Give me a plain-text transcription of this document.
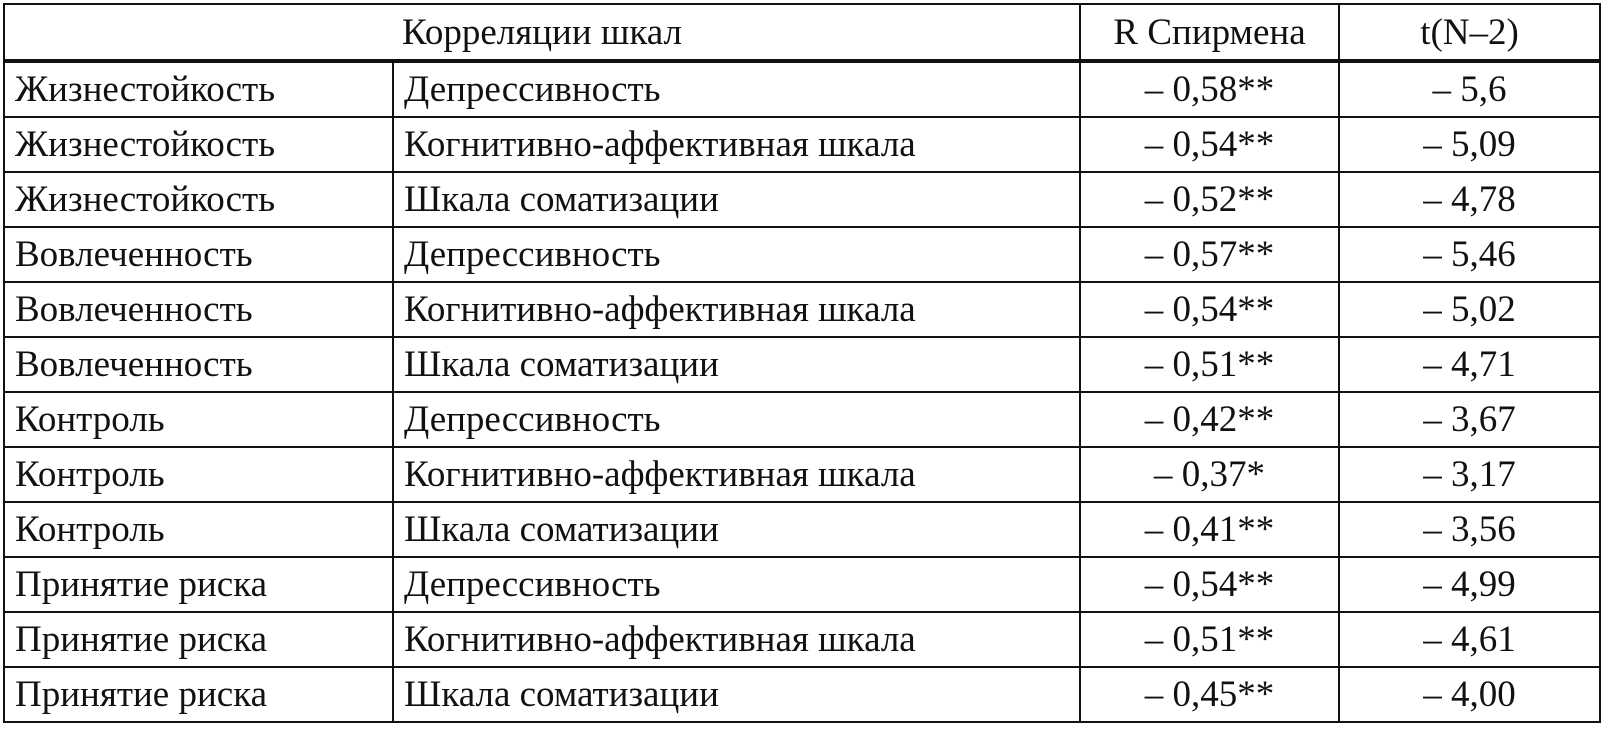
Корреляции шкал		R Спирмена	t(N–2)
Жизнестойкость	Депрессивность	– 0,58**	– 5,6
Жизнестойкость	Когнитивно-аффективная шкала	– 0,54**	– 5,09
Жизнестойкость	Шкала соматизации	– 0,52**	– 4,78
Вовлеченность	Депрессивность	– 0,57**	– 5,46
Вовлеченность	Когнитивно-аффективная шкала	– 0,54**	– 5,02
Вовлеченность	Шкала соматизации	– 0,51**	– 4,71
Контроль	Депрессивность	– 0,42**	– 3,67
Контроль	Когнитивно-аффективная шкала	– 0,37*	– 3,17
Контроль	Шкала соматизации	– 0,41**	– 3,56
Принятие риска	Депрессивность	– 0,54**	– 4,99
Принятие риска	Когнитивно-аффективная шкала	– 0,51**	– 4,61
Принятие риска	Шкала соматизации	– 0,45**	– 4,00
